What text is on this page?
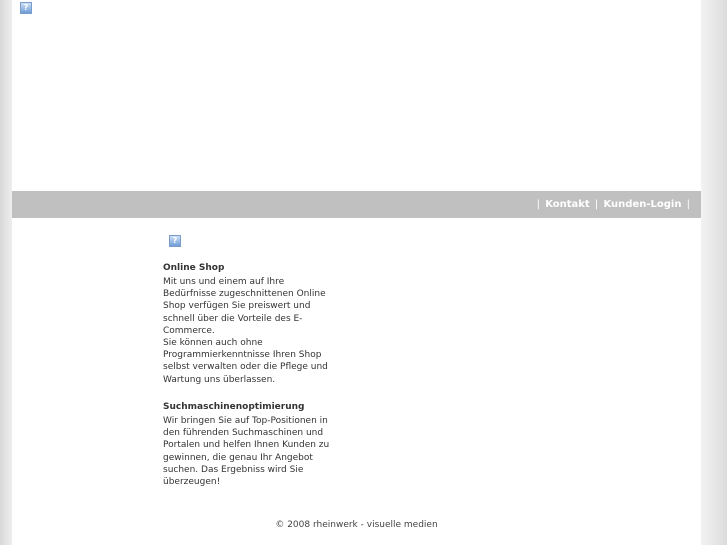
?
| Kontakt | Kunden-Login |
?
Online Shop

Mit uns und einem auf Ihre Bedürfnisse zugeschnittenen Online Shop verfügen Sie preiswert und schnell über die Vorteile des E-Commerce.

Sie können auch ohne Programmierkenntnisse Ihren Shop selbst verwalten oder die Pflege und Wartung uns überlassen.

Suchmaschinenoptimierung

Wir bringen Sie auf Top-Positionen in den führenden Suchmaschinen und Portalen und helfen Ihnen Kunden zu gewinnen, die genau Ihr Angebot suchen. Das Ergebniss wird Sie überzeugen!

© 2008 rheinwerk - visuelle medien
